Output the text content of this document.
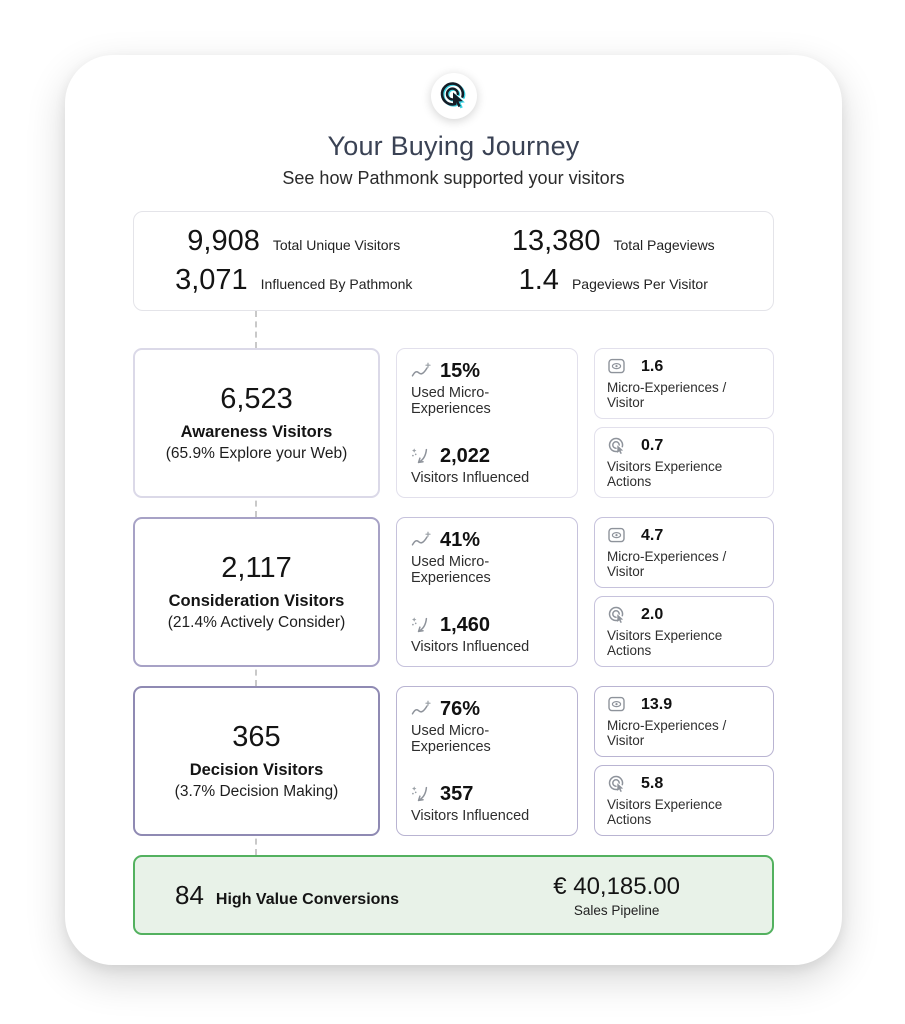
Your Buying Journey
See how Pathmonk supported your visitors
9,908 Total Unique Visitors	13,380 Total Pageviews
3,071 Influenced By Pathmonk	1.4 Pageviews Per Visitor
6,523
Awareness Visitors
(65.9% Explore your Web)
15%
Used Micro-Experiences
2,022
Visitors Influenced
1.6
Micro-Experiences / Visitor
0.7
Visitors Experience Actions
2,117
Consideration Visitors
(21.4% Actively Consider)
41%
Used Micro-Experiences
1,460
Visitors Influenced
4.7
Micro-Experiences / Visitor
2.0
Visitors Experience Actions
365
Decision Visitors
(3.7% Decision Making)
76%
Used Micro-Experiences
357
Visitors Influenced
13.9
Micro-Experiences / Visitor
5.8
Visitors Experience Actions
84 High Value Conversions	€ 40,185.00
Sales Pipeline
